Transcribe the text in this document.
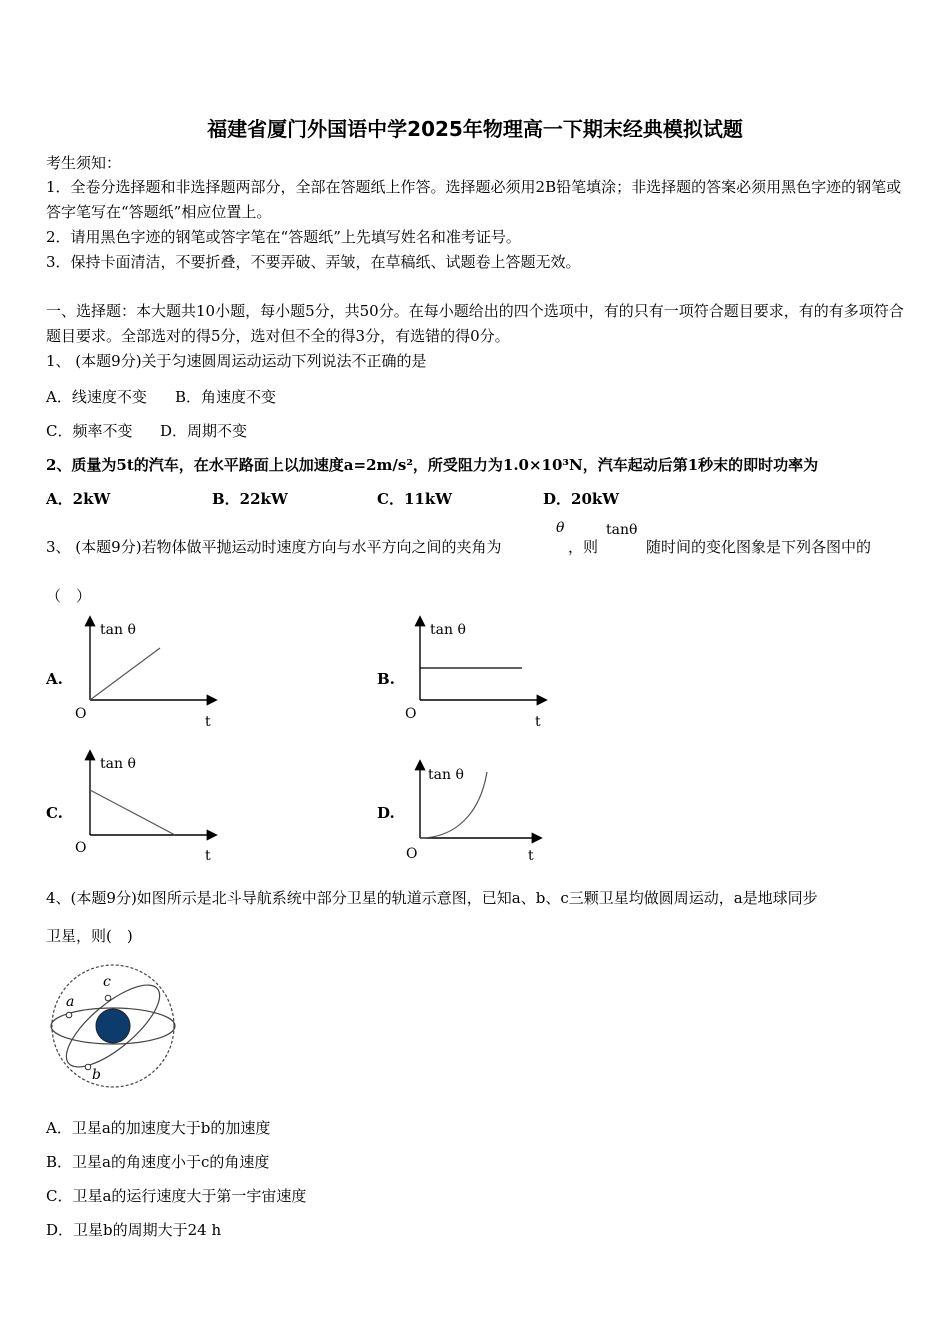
福建省厦门外国语中学2025年物理高一下期末经典模拟试题
考生须知：
1．全卷分选择题和非选择题两部分，全部在答题纸上作答。选择题必须用2B铅笔填涂；非选择题的答案必须用黑色字迹的钢笔或答字笔写在“答题纸”相应位置上。
2．请用黑色字迹的钢笔或答字笔在“答题纸”上先填写姓名和准考证号。
3．保持卡面清洁，不要折叠，不要弄破、弄皱，在草稿纸、试题卷上答题无效。
一、选择题：本大题共10小题，每小题5分，共50分。在每小题给出的四个选项中，有的只有一项符合题目要求，有的有多项符合题目要求。全部选对的得5分，选对但不全的得3分，有选错的得0分。
1、 (本题9分)关于匀速圆周运动运动下列说法不正确的是
A．线速度不变 B．角速度不变
C．频率不变 D．周期不变
2、质量为5t的汽车，在水平路面上以加速度a=2m/s²，所受阻力为1.0×10³N，汽车起动后第1秒末的即时功率为
A．2kW	B．22kW	C．11kW	D．20kW
3、 (本题9分)若物体做平抛运动时速度方向与水平方向之间的夹角为
θ
，则
tanθ
随时间的变化图象是下列各图中的
（　）
A.	B.
C.	D.
tan θ
O	t
tan θ
O	t
tan θ
O	t
tan θ
O	t
4、(本题9分)如图所示是北斗导航系统中部分卫星的轨道示意图，已知a、b、c三颗卫星均做圆周运动，a是地球同步
卫星，则(　)
a
c
b
A．卫星a的加速度大于b的加速度
B．卫星a的角速度小于c的角速度
C．卫星a的运行速度大于第一宇宙速度
D．卫星b的周期大于24 h
